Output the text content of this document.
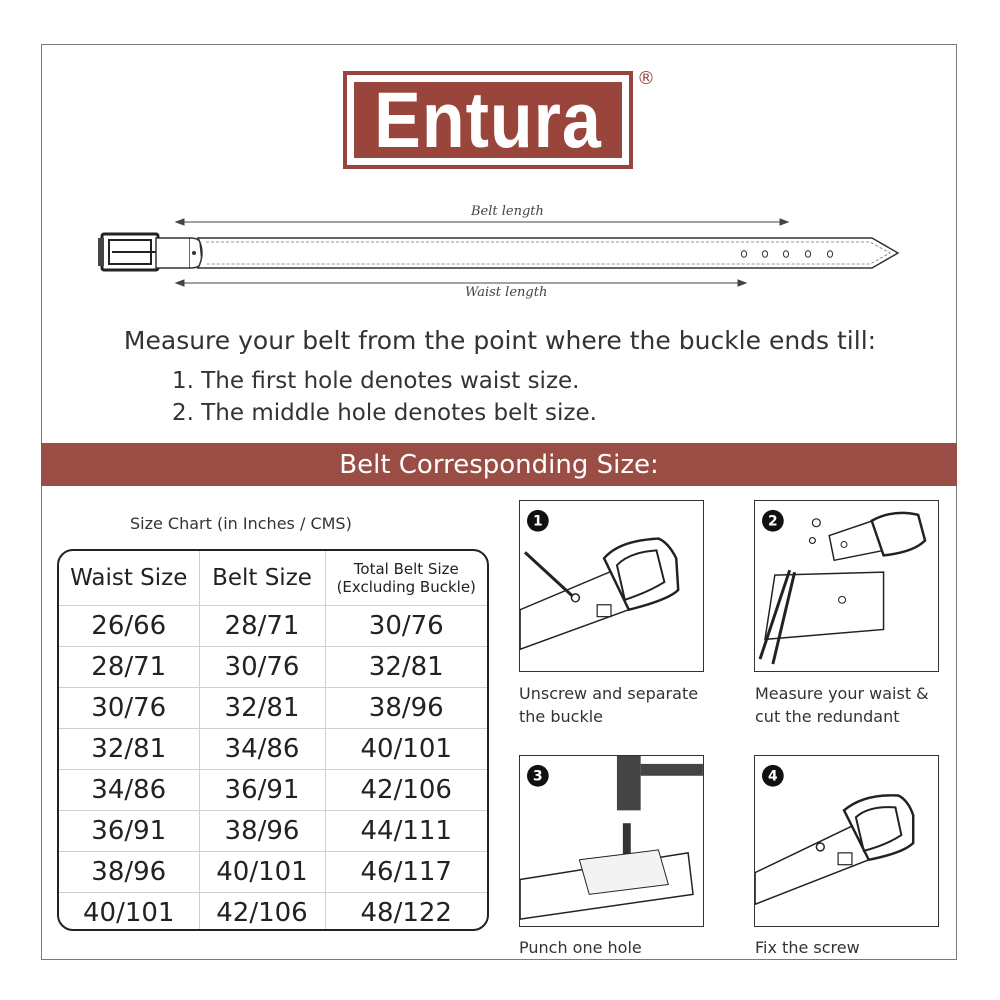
Entura ®
Belt length
Waist length
Measure your belt from the point where the buckle ends till:
1. The first hole denotes waist size.
2. The middle hole denotes belt size.
Belt Corresponding Size:
Size Chart (in Inches / CMS)
Waist Size	Belt Size	Total Belt Size (Excluding Buckle)
26/66	28/71	30/76
28/71	30/76	32/81
30/76	32/81	38/96
32/81	34/86	40/101
34/86	36/91	42/106
36/91	38/96	44/111
38/96	40/101	46/117
40/101	42/106	48/122
1
Unscrew and separate
the buckle
2
Measure your waist &
cut the redundant
3
Punch one hole
4
Fix the screw
